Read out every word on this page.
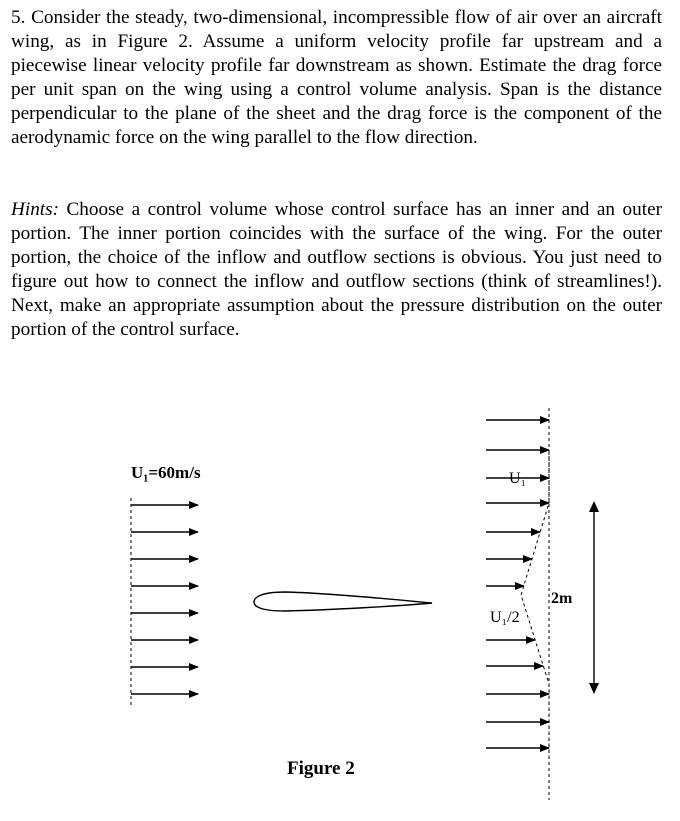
5. Consider the steady, two-dimensional, incompressible flow of air over an aircraft wing, as in Figure 2. Assume a uniform velocity profile far upstream and a piecewise linear velocity profile far downstream as shown. Estimate the drag force per unit span on the wing using a control volume analysis. Span is the distance perpendicular to the plane of the sheet and the drag force is the component of the aerodynamic force on the wing parallel to the flow direction.

Hints: Choose a control volume whose control surface has an inner and an outer portion. The inner portion coincides with the surface of the wing. For the outer portion, the choice of the inflow and outflow sections is obvious. You just need to figure out how to connect the inflow and outflow sections (think of streamlines!). Next, make an appropriate assumption about the pressure distribution on the outer portion of the control surface.

U₁=60m/s	U₁
U₁/2
2m
Figure 2
